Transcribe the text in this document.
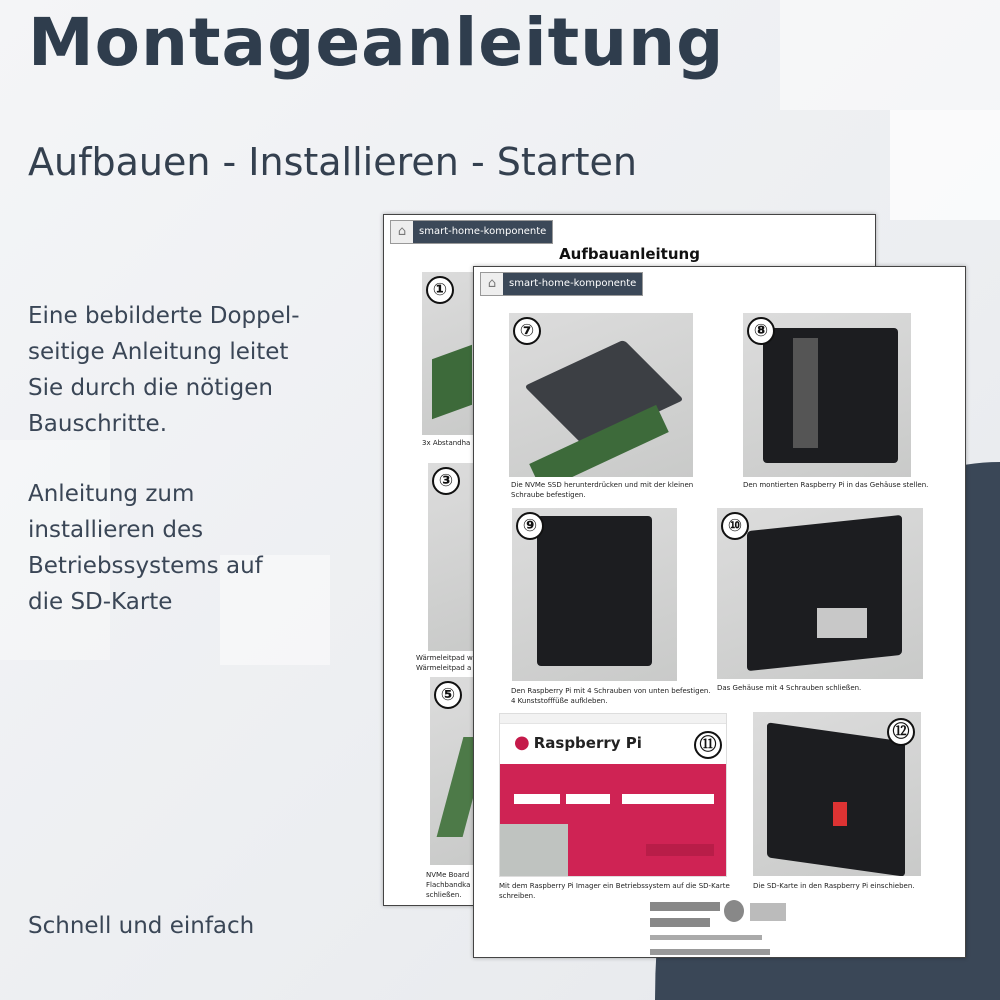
Montageanleitung
Aufbauen - Installieren - Starten
Eine bebilderte Doppel-
seitige Anleitung leitet
Sie durch die nötigen
Bauschritte.
Anleitung zum
installieren des
Betriebssystems auf
die SD-Karte
Schnell und einfach
⌂	smart-home-komponente
Aufbauanleitung
①
3x Abstandha
③
Wärmeleitpad w
Wärmeleitpad a
⑤
NVMe Board
Flachbandka
schließen.
⌂	smart-home-komponente
⑦
Die NVMe SSD herunterdrücken und mit der kleinen
Schraube befestigen.
⑧
Den montierten Raspberry Pi in das Gehäuse stellen.
⑨
Den Raspberry Pi mit 4 Schrauben von unten befestigen.
4 Kunststofffüße aufkleben.
⑩
Das Gehäuse mit 4 Schrauben schließen.
● Raspberry Pi	⑪
Mit dem Raspberry Pi Imager ein Betriebssystem auf die SD-Karte
schreiben.
⑫
Die SD-Karte in den Raspberry Pi einschieben.
